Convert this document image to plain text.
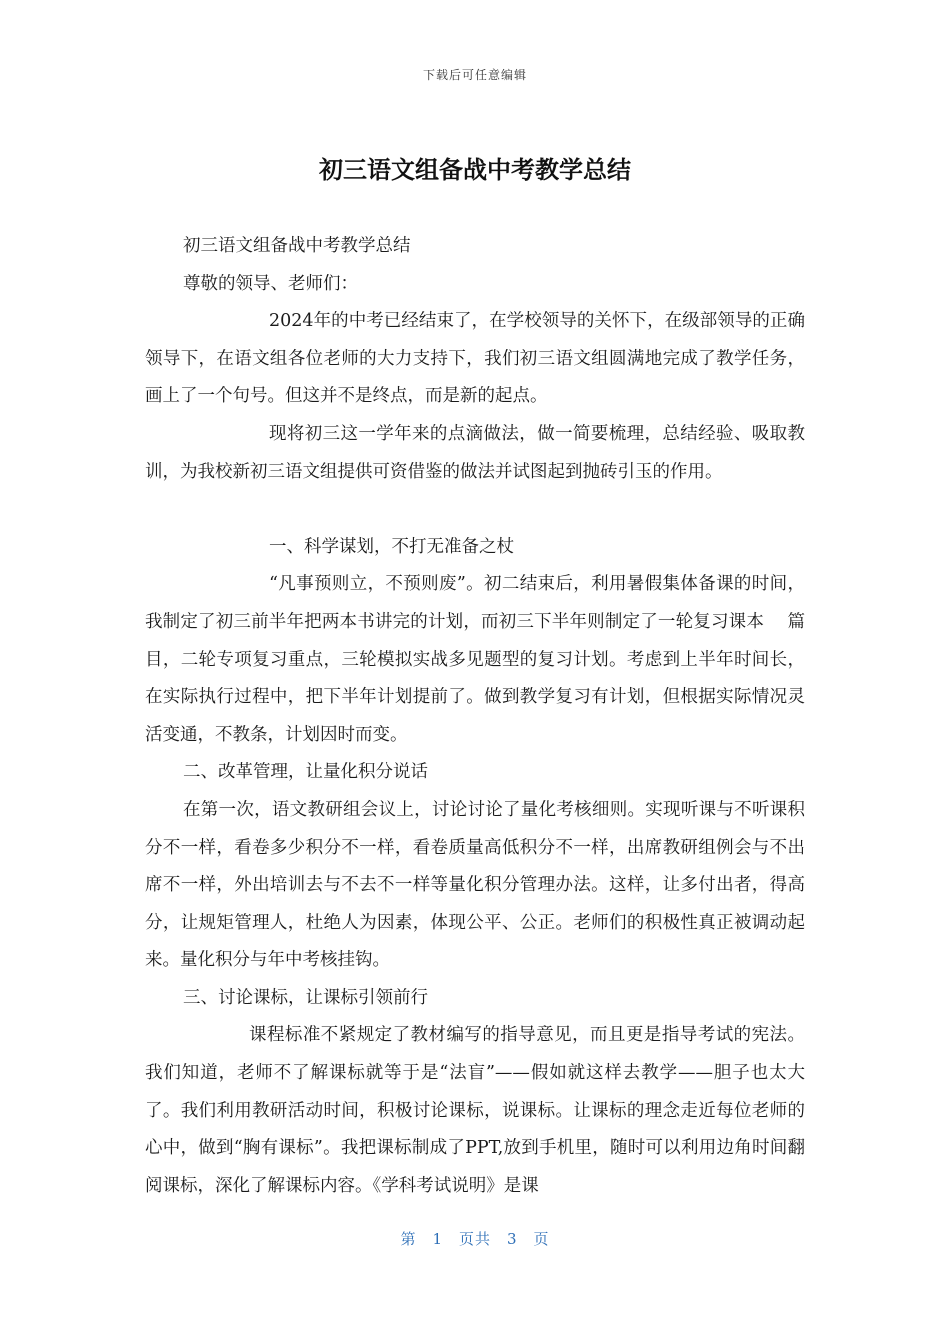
下载后可任意编辑
初三语文组备战中考教学总结

初三语文组备战中考教学总结

尊敬的领导、老师们：

2024年的中考已经结束了，在学校领导的关怀下，在级部领导的正确领导下，在语文组各位老师的大力支持下，我们初三语文组圆满地完成了教学任务，画上了一个句号。但这并不是终点，而是新的起点。

现将初三这一学年来的点滴做法，做一简要梳理，总结经验、吸取教训，为我校新初三语文组提供可资借鉴的做法并试图起到抛砖引玉的作用。

一、科学谋划，不打无准备之杖

“凡事预则立，不预则废”。初二结束后，利用暑假集体备课的时间，我制定了初三前半年把两本书讲完的计划，而初三下半年则制定了一轮复习课本　 篇目，二轮专项复习重点，三轮模拟实战多见题型的复习计划。考虑到上半年时间长，在实际执行过程中，把下半年计划提前了。做到教学复习有计划，但根据实际情况灵活变通，不教条，计划因时而变。

二、改革管理，让量化积分说话

在第一次，语文教研组会议上，讨论讨论了量化考核细则。实现听课与不听课积分不一样，看卷多少积分不一样，看卷质量高低积分不一样，出席教研组例会与不出席不一样，外出培训去与不去不一样等量化积分管理办法。这样，让多付出者，得高分，让规矩管理人，杜绝人为因素，体现公平、公正。老师们的积极性真正被调动起来。量化积分与年中考核挂钩。

三、讨论课标，让课标引领前行

课程标准不紧规定了教材编写的指导意见，而且更是指导考试的宪法。我们知道，老师不了解课标就等于是“法盲”——假如就这样去教学——胆子也太大了。我们利用教研活动时间，积极讨论课标，说课标。让课标的理念走近每位老师的心中，做到“胸有课标”。我把课标制成了PPT,放到手机里，随时可以利用边角时间翻阅课标，深化了解课标内容。《学科考试说明》是课

第　1　页共　3　页
